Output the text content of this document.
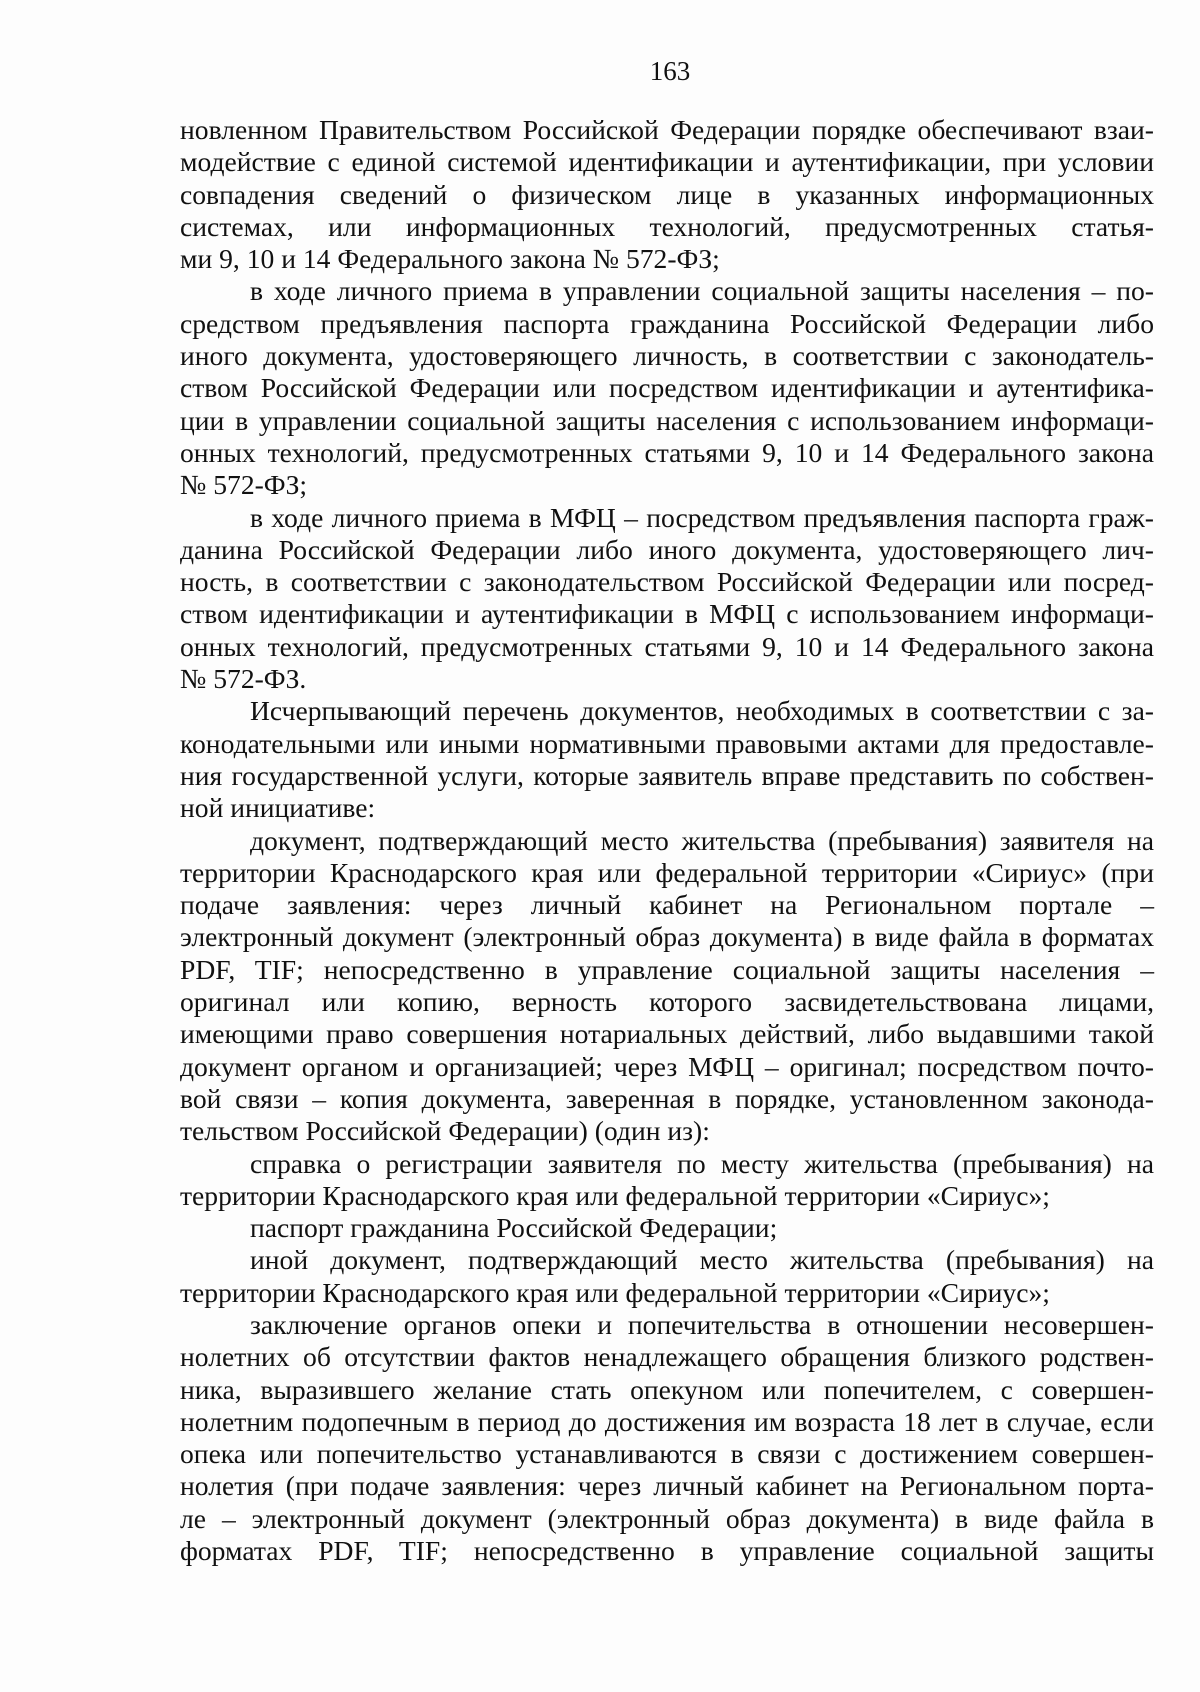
163
новленном Правительством Российской Федерации порядке обеспечивают взаи-
модействие с единой системой идентификации и аутентификации, при условии
совпадения сведений о физическом лице в указанных информационных
системах, или информационных технологий, предусмотренных статья-
ми 9, 10 и 14 Федерального закона № 572-ФЗ;
в ходе личного приема в управлении социальной защиты населения – по-
средством предъявления паспорта гражданина Российской Федерации либо
иного документа, удостоверяющего личность, в соответствии с законодатель-
ством Российской Федерации или посредством идентификации и аутентифика-
ции в управлении социальной защиты населения с использованием информаци-
онных технологий, предусмотренных статьями 9, 10 и 14 Федерального закона
№ 572-ФЗ;
в ходе личного приема в МФЦ – посредством предъявления паспорта граж-
данина Российской Федерации либо иного документа, удостоверяющего лич-
ность, в соответствии с законодательством Российской Федерации или посред-
ством идентификации и аутентификации в МФЦ с использованием информаци-
онных технологий, предусмотренных статьями 9, 10 и 14 Федерального закона
№ 572-ФЗ.
Исчерпывающий перечень документов, необходимых в соответствии с за-
конодательными или иными нормативными правовыми актами для предоставле-
ния государственной услуги, которые заявитель вправе представить по собствен-
ной инициативе:
документ, подтверждающий место жительства (пребывания) заявителя на
территории Краснодарского края или федеральной территории «Сириус» (при
подаче заявления: через личный кабинет на Региональном портале –
электронный документ (электронный образ документа) в виде файла в форматах
PDF, TIF; непосредственно в управление социальной защиты населения –
оригинал или копию, верность которого засвидетельствована лицами,
имеющими право совершения нотариальных действий, либо выдавшими такой
документ органом и организацией; через МФЦ – оригинал; посредством почто-
вой связи – копия документа, заверенная в порядке, установленном законода-
тельством Российской Федерации) (один из):
справка о регистрации заявителя по месту жительства (пребывания) на
территории Краснодарского края или федеральной территории «Сириус»;
паспорт гражданина Российской Федерации;
иной документ, подтверждающий место жительства (пребывания) на
территории Краснодарского края или федеральной территории «Сириус»;
заключение органов опеки и попечительства в отношении несовершен-
нолетних об отсутствии фактов ненадлежащего обращения близкого родствен-
ника, выразившего желание стать опекуном или попечителем, с совершен-
нолетним подопечным в период до достижения им возраста 18 лет в случае, если
опека или попечительство устанавливаются в связи с достижением совершен-
нолетия (при подаче заявления: через личный кабинет на Региональном порта-
ле – электронный документ (электронный образ документа) в виде файла в
форматах PDF, TIF; непосредственно в управление социальной защиты
